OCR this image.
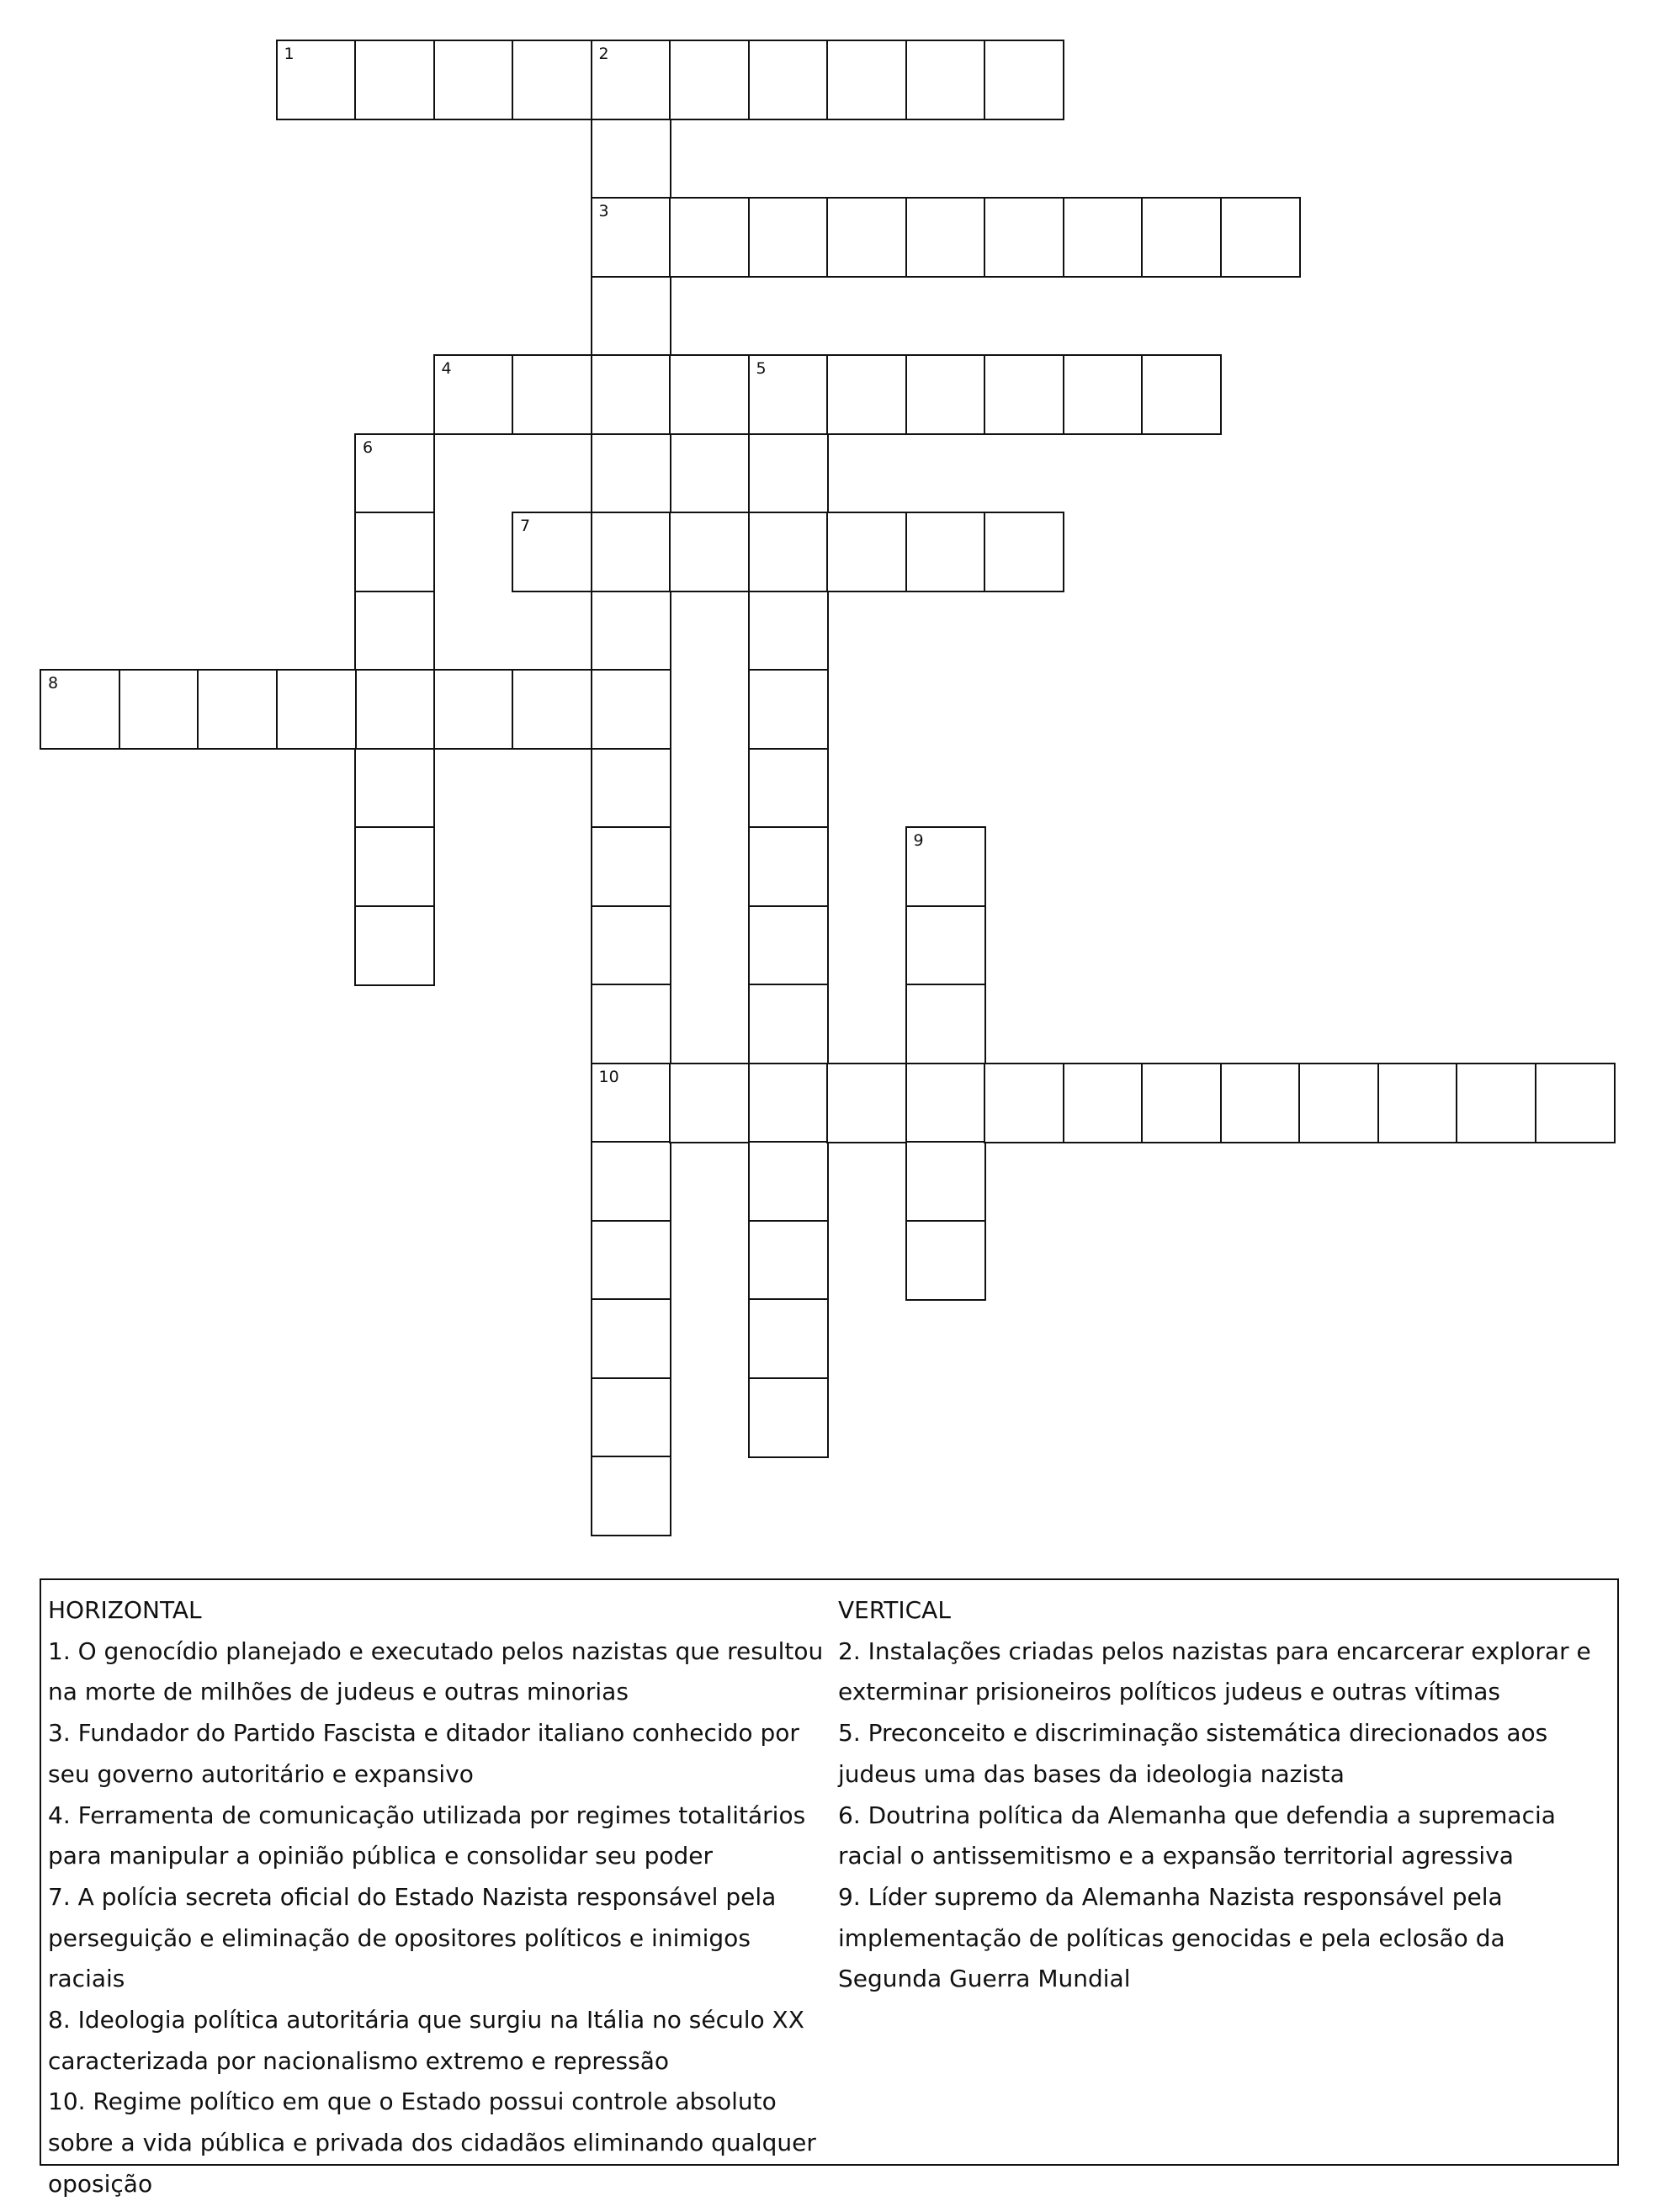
1	2
3
10
4	5
6
7
8
9
HORIZONTAL
1. O genocídio planejado e executado pelos nazistas que resultou na morte de milhões de judeus e outras minorias
3. Fundador do Partido Fascista e ditador italiano conhecido por seu governo autoritário e expansivo
4. Ferramenta de comunicação utilizada por regimes totalitários para manipular a opinião pública e consolidar seu poder
7. A polícia secreta oficial do Estado Nazista responsável pela perseguição e eliminação de opositores políticos e inimigos raciais
8. Ideologia política autoritária que surgiu na Itália no século XX caracterizada por nacionalismo extremo e repressão
10. Regime político em que o Estado possui controle absoluto sobre a vida pública e privada dos cidadãos eliminando qualquer oposição
VERTICAL
2. Instalações criadas pelos nazistas para encarcerar explorar e exterminar prisioneiros políticos judeus e outras vítimas
5. Preconceito e discriminação sistemática direcionados aos judeus uma das bases da ideologia nazista
6. Doutrina política da Alemanha que defendia a supremacia racial o antissemitismo e a expansão territorial agressiva
9. Líder supremo da Alemanha Nazista responsável pela implementação de políticas genocidas e pela eclosão da Segunda Guerra Mundial
